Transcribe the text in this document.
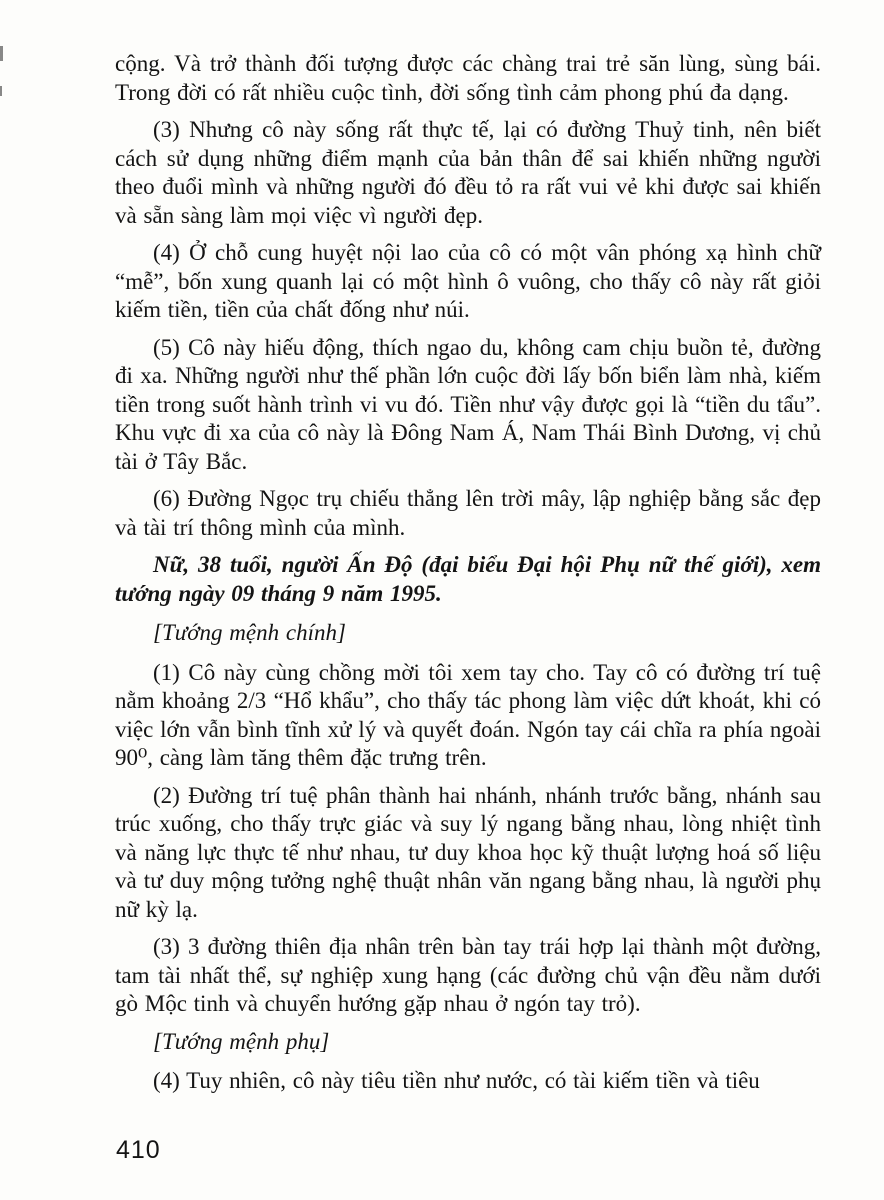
cộng. Và trở thành đối tượng được các chàng trai trẻ săn lùng, sùng bái. Trong đời có rất nhiều cuộc tình, đời sống tình cảm phong phú đa dạng.

(3) Nhưng cô này sống rất thực tế, lại có đường Thuỷ tinh, nên biết cách sử dụng những điểm mạnh của bản thân để sai khiến những người theo đuổi mình và những người đó đều tỏ ra rất vui vẻ khi được sai khiến và sẵn sàng làm mọi việc vì người đẹp.

(4) Ở chỗ cung huyệt nội lao của cô có một vân phóng xạ hình chữ “mễ”, bốn xung quanh lại có một hình ô vuông, cho thấy cô này rất giỏi kiếm tiền, tiền của chất đống như núi.

(5) Cô này hiếu động, thích ngao du, không cam chịu buồn tẻ, đường đi xa. Những người như thế phần lớn cuộc đời lấy bốn biển làm nhà, kiếm tiền trong suốt hành trình vi vu đó. Tiền như vậy được gọi là “tiền du tẩu”. Khu vực đi xa của cô này là Đông Nam Á, Nam Thái Bình Dương, vị chủ tài ở Tây Bắc.

(6) Đường Ngọc trụ chiếu thẳng lên trời mây, lập nghiệp bằng sắc đẹp và tài trí thông mình của mình.

Nữ, 38 tuổi, người Ấn Độ (đại biểu Đại hội Phụ nữ thế giới), xem tướng ngày 09 tháng 9 năm 1995.

[Tướng mệnh chính]

(1) Cô này cùng chồng mời tôi xem tay cho. Tay cô có đường trí tuệ nằm khoảng 2/3 “Hổ khẩu”, cho thấy tác phong làm việc dứt khoát, khi có việc lớn vẫn bình tĩnh xử lý và quyết đoán. Ngón tay cái chĩa ra phía ngoài 90⁰, càng làm tăng thêm đặc trưng trên.

(2) Đường trí tuệ phân thành hai nhánh, nhánh trước bằng, nhánh sau trúc xuống, cho thấy trực giác và suy lý ngang bằng nhau, lòng nhiệt tình và năng lực thực tế như nhau, tư duy khoa học kỹ thuật lượng hoá số liệu và tư duy mộng tưởng nghệ thuật nhân văn ngang bằng nhau, là người phụ nữ kỳ lạ.

(3) 3 đường thiên địa nhân trên bàn tay trái hợp lại thành một đường, tam tài nhất thể, sự nghiệp xung hạng (các đường chủ vận đều nằm dưới gò Mộc tinh và chuyển hướng gặp nhau ở ngón tay trỏ).

[Tướng mệnh phụ]

(4) Tuy nhiên, cô này tiêu tiền như nước, có tài kiếm tiền và tiêu

410
